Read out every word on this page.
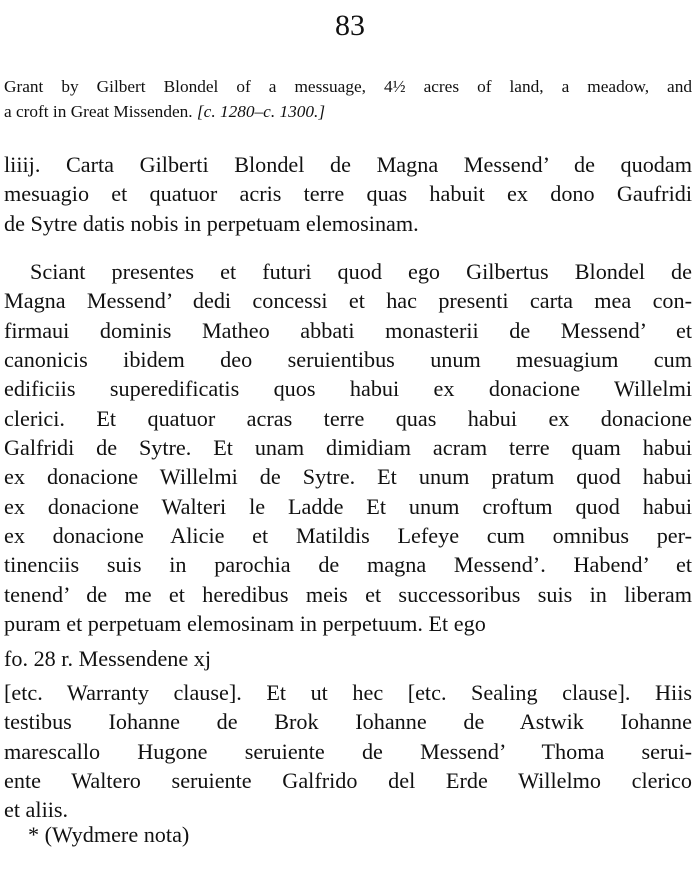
83
Grant by Gilbert Blondel of a messuage, 4½ acres of land, a meadow, and
a croft in Great Missenden. [c. 1280–c. 1300.]
liiij. Carta Gilberti Blondel de Magna Messend’ de quodam
mesuagio et quatuor acris terre quas habuit ex dono Gaufridi
de Sytre datis nobis in perpetuam elemosinam.
Sciant presentes et futuri quod ego Gilbertus Blondel de
Magna Messend’ dedi concessi et hac presenti carta mea con-
firmaui dominis Matheo abbati monasterii de Messend’ et
canonicis ibidem deo seruientibus unum mesuagium cum
edificiis superedificatis quos habui ex donacione Willelmi
clerici. Et quatuor acras terre quas habui ex donacione
Galfridi de Sytre. Et unam dimidiam acram terre quam habui
ex donacione Willelmi de Sytre. Et unum pratum quod habui
ex donacione Walteri le Ladde Et unum croftum quod habui
ex donacione Alicie et Matildis Lefeye cum omnibus per-
tinenciis suis in parochia de magna Messend’. Habend’ et
tenend’ de me et heredibus meis et successoribus suis in liberam
puram et perpetuam elemosinam in perpetuum. Et ego
fo. 28 r. Messendene xj
[etc. Warranty clause]. Et ut hec [etc. Sealing clause]. Hiis
testibus Iohanne de Brok Iohanne de Astwik Iohanne
marescallo Hugone seruiente de Messend’ Thoma serui-
ente Waltero seruiente Galfrido del Erde Willelmo clerico
et aliis.
* (Wydmere nota)
